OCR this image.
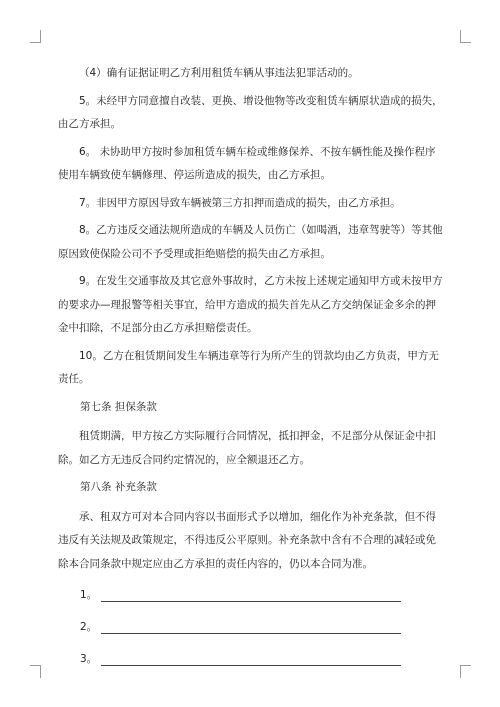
（4）确有证据证明乙方利用租赁车辆从事违法犯罪活动的。

5。未经甲方同意擅自改装、更换、增设他物等改变租赁车辆原状造成的损失，由乙方承担。

6。 未协助甲方按时参加租赁车辆车检或维修保养、不按车辆性能及操作程序使用车辆致使车辆修理、停运所造成的损失，由乙方承担。

7。非因甲方原因导致车辆被第三方扣押而造成的损失，由乙方承担。

8。乙方违反交通法规所造成的车辆及人员伤亡（如喝酒，违章驾驶等）等其他原因致使保险公司不予受理或拒绝赔偿的损失由乙方承担。

9。在发生交通事故及其它意外事故时，乙方未按上述规定通知甲方或未按甲方的要求办—理报警等相关事宜，给甲方造成的损失首先从乙方交纳保证金多余的押金中扣除，不足部分由乙方承担赔偿责任。

10。乙方在租赁期间发生车辆违章等行为所产生的罚款均由乙方负责，甲方无责任。

第七条 担保条款

租赁期满，甲方按乙方实际履行合同情况，抵扣押金，不足部分从保证金中扣除。如乙方无违反合同约定情况的，应全额退还乙方。

第八条 补充条款

承、租双方可对本合同内容以书面形式予以增加，细化作为补充条款，但不得违反有关法规及政策规定，不得违反公平原则。补充条款中含有不合理的减轻或免除本合同条款中规定应由乙方承担的责任内容的，仍以本合同为准。

1。
2。
3。
